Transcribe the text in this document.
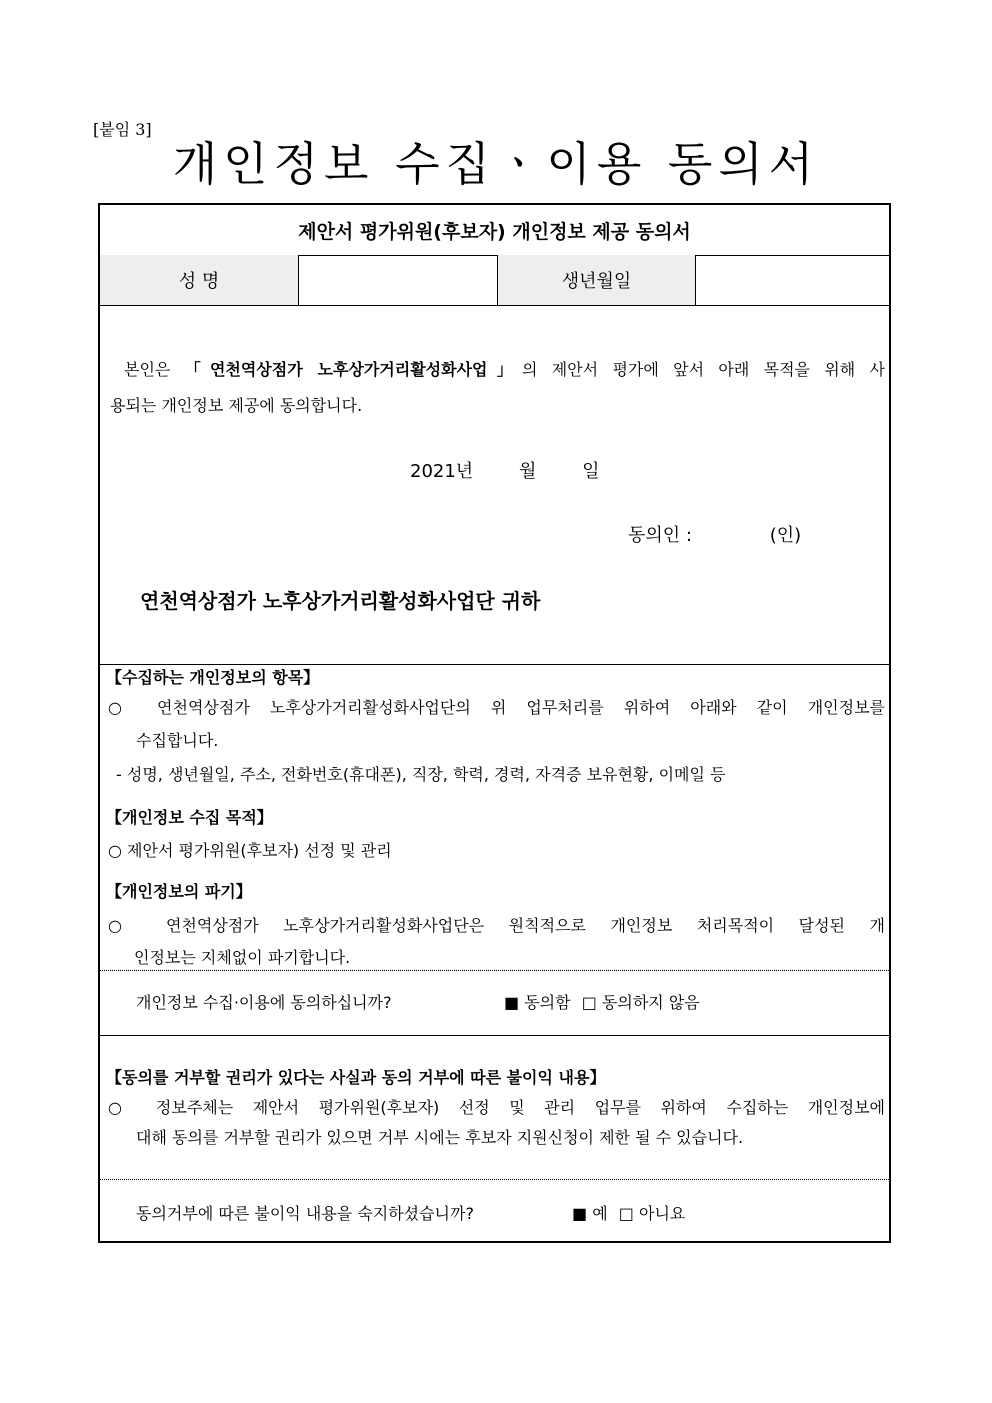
[붙임 3]
개인정보 수집ㆍ이용 동의서
제안서 평가위원(후보자) 개인정보 제공 동의서
성 명	생년월일
본인은 「연천역상점가 노후상가거리활성화사업」의 제안서 평가에 앞서 아래 목적을 위해 사
용되는 개인정보 제공에 동의합니다.
2021년	월	일
동의인 :	(인)
연천역상점가 노후상가거리활성화사업단 귀하
【수집하는 개인정보의 항목】
○ 연천역상점가 노후상가거리활성화사업단의 위 업무처리를 위하여 아래와 같이 개인정보를
수집합니다.
- 성명, 생년월일, 주소, 전화번호(휴대폰), 직장, 학력, 경력, 자격증 보유현황, 이메일 등
【개인정보 수집 목적】
○ 제안서 평가위원(후보자) 선정 및 관리
【개인정보의 파기】
○ 연천역상점가 노후상가거리활성화사업단은 원칙적으로 개인정보 처리목적이 달성된 개
인정보는 지체없이 파기합니다.
개인정보 수집·이용에 동의하십니까?	■ 동의함 □ 동의하지 않음
【동의를 거부할 권리가 있다는 사실과 동의 거부에 따른 불이익 내용】
○ 정보주체는 제안서 평가위원(후보자) 선정 및 관리 업무를 위하여 수집하는 개인정보에
대해 동의를 거부할 권리가 있으면 거부 시에는 후보자 지원신청이 제한 될 수 있습니다.
동의거부에 따른 불이익 내용을 숙지하셨습니까?	■ 예 □ 아니요
